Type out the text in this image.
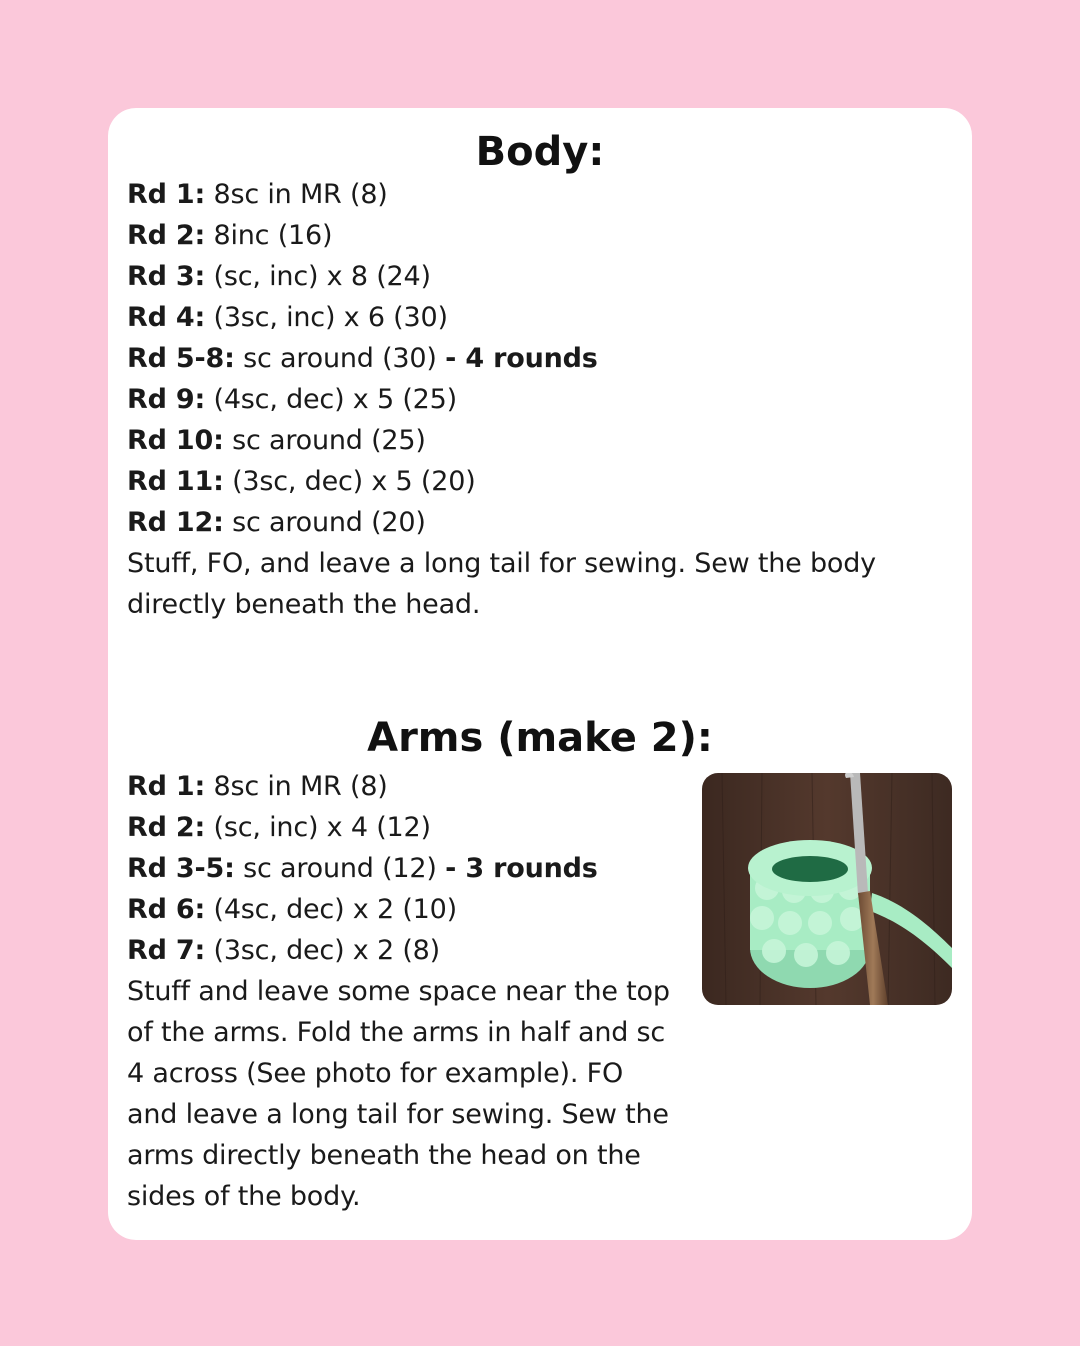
Body:
Rd 1: 8sc in MR (8)
Rd 2: 8inc (16)
Rd 3: (sc, inc) x 8 (24)
Rd 4: (3sc, inc) x 6 (30)
Rd 5-8: sc around (30) - 4 rounds
Rd 9: (4sc, dec) x 5 (25)
Rd 10: sc around (25)
Rd 11: (3sc, dec) x 5 (20)
Rd 12: sc around (20)
Stuff, FO, and leave a long tail for sewing. Sew the body
directly beneath the head.
Arms (make 2):
Rd 1: 8sc in MR (8)
Rd 2: (sc, inc) x 4 (12)
Rd 3-5: sc around (12) - 3 rounds
Rd 6: (4sc, dec) x 2 (10)
Rd 7: (3sc, dec) x 2 (8)
Stuff and leave some space near the top
of the arms. Fold the arms in half and sc
4 across (See photo for example). FO
and leave a long tail for sewing. Sew the
arms directly beneath the head on the
sides of the body.
